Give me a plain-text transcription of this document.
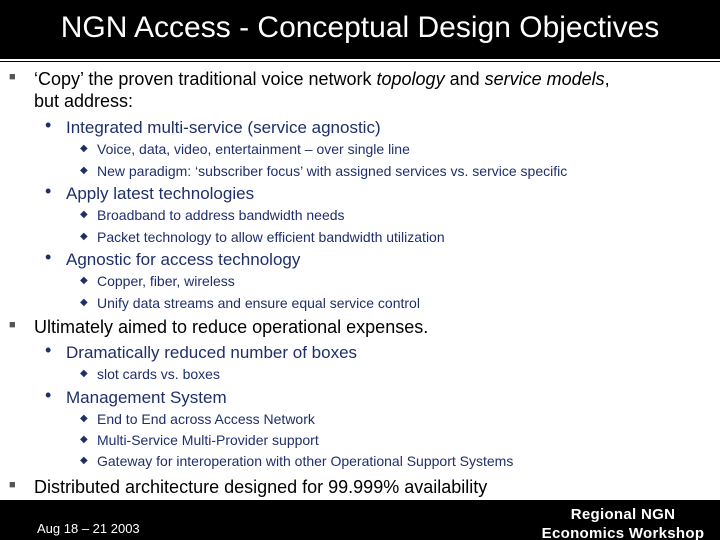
NGN Access - Conceptual Design Objectives
■ ‘Copy’ the proven traditional voice network topology and service models,
but address:
• Integrated multi-service (service agnostic)
◆ Voice, data, video, entertainment – over single line
◆ New paradigm: ‘subscriber focus’ with assigned services vs. service specific
• Apply latest technologies
◆ Broadband to address bandwidth needs
◆ Packet technology to allow efficient bandwidth utilization
• Agnostic for access technology
◆ Copper, fiber, wireless
◆ Unify data streams and ensure equal service control
■ Ultimately aimed to reduce operational expenses.
• Dramatically reduced number of boxes
◆ slot cards vs. boxes
• Management System
◆ End to End across Access Network
◆ Multi-Service Multi-Provider support
◆ Gateway for interoperation with other Operational Support Systems
■ Distributed architecture designed for 99.999% availability
Aug 18 – 21 2003
Regional NGN
Economics Workshop
